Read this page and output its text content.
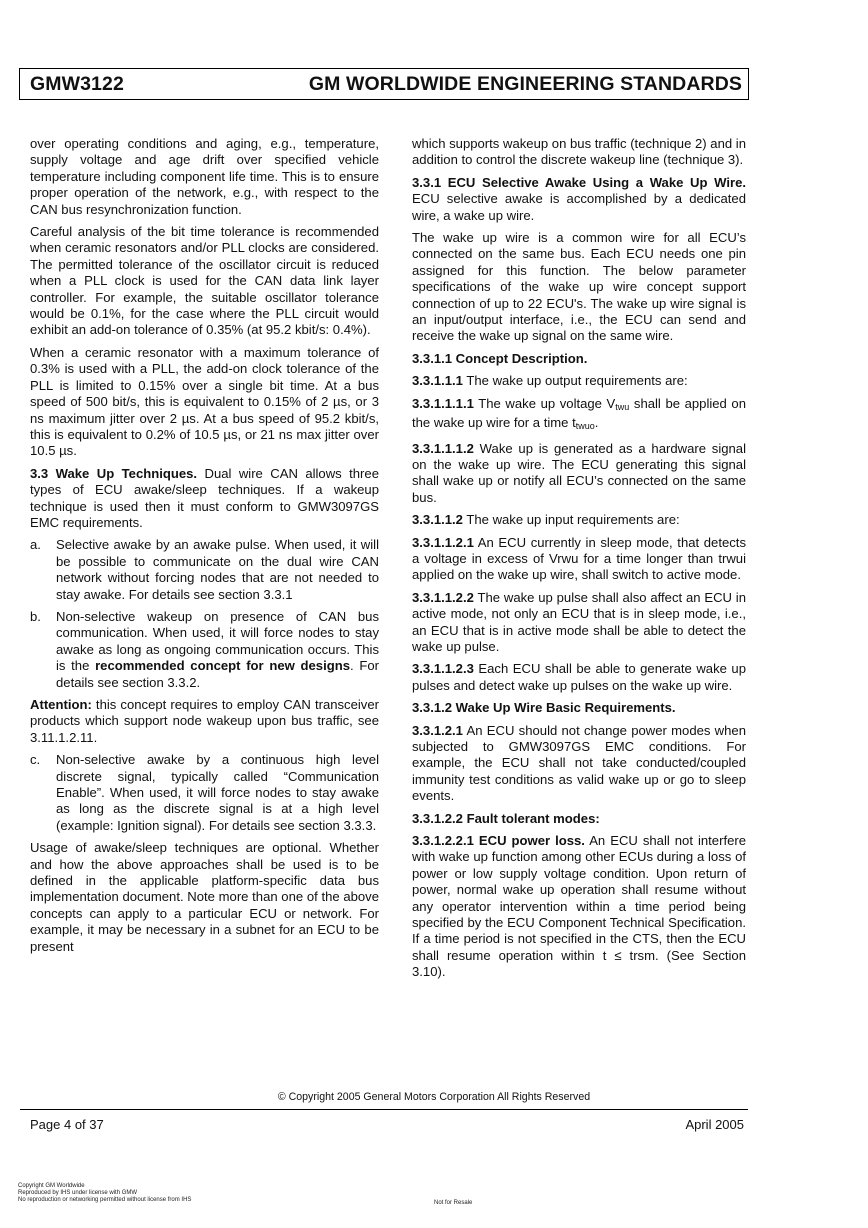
GMW3122	GM WORLDWIDE ENGINEERING STANDARDS

over operating conditions and aging, e.g., temperature, supply voltage and age drift over specified vehicle temperature including component life time. This is to ensure proper operation of the network, e.g., with respect to the CAN bus resynchronization function.

Careful analysis of the bit time tolerance is recommended when ceramic resonators and/or PLL clocks are considered. The permitted tolerance of the oscillator circuit is reduced when a PLL clock is used for the CAN data link layer controller. For example, the suitable oscillator tolerance would be 0.1%, for the case where the PLL circuit would exhibit an add-on tolerance of 0.35% (at 95.2 kbit/s: 0.4%).

When a ceramic resonator with a maximum tolerance of 0.3% is used with a PLL, the add-on clock tolerance of the PLL is limited to 0.15% over a single bit time. At a bus speed of 500 bit/s, this is equivalent to 0.15% of 2 µs, or 3 ns maximum jitter over 2 µs. At a bus speed of 95.2 kbit/s, this is equivalent to 0.2% of 10.5 µs, or 21 ns max jitter over 10.5 µs.

3.3 Wake Up Techniques. Dual wire CAN allows three types of ECU awake/sleep techniques. If a wakeup technique is used then it must conform to GMW3097GS EMC requirements.

a.	Selective awake by an awake pulse. When used, it will be possible to communicate on the dual wire CAN network without forcing nodes that are not needed to stay awake. For details see section 3.3.1
b.	Non-selective wakeup on presence of CAN bus communication. When used, it will force nodes to stay awake as long as ongoing communication occurs. This is the recommended concept for new designs. For details see section 3.3.2.

Attention: this concept requires to employ CAN transceiver products which support node wakeup upon bus traffic, see 3.11.1.2.11.

c.	Non-selective awake by a continuous high level discrete signal, typically called “Communication Enable”. When used, it will force nodes to stay awake as long as the discrete signal is at a high level (example: Ignition signal). For details see section 3.3.3.

Usage of awake/sleep techniques are optional. Whether and how the above approaches shall be used is to be defined in the applicable platform-specific data bus implementation document. Note more than one of the above concepts can apply to a particular ECU or network. For example, it may be necessary in a subnet for an ECU to be present

which supports wakeup on bus traffic (technique 2) and in addition to control the discrete wakeup line (technique 3).

3.3.1 ECU Selective Awake Using a Wake Up Wire. ECU selective awake is accomplished by a dedicated wire, a wake up wire.

The wake up wire is a common wire for all ECU’s connected on the same bus. Each ECU needs one pin assigned for this function. The below parameter specifications of the wake up wire concept support connection of up to 22 ECU's. The wake up wire signal is an input/output interface, i.e., the ECU can send and receive the wake up signal on the same wire.

3.3.1.1 Concept Description.

3.3.1.1.1 The wake up output requirements are:

3.3.1.1.1.1 The wake up voltage $V_{twu}$ shall be applied on the wake up wire for a time $t_{twuo}$.

3.3.1.1.1.2 Wake up is generated as a hardware signal on the wake up wire. The ECU generating this signal shall wake up or notify all ECU’s connected on the same bus.

3.3.1.1.2 The wake up input requirements are:

3.3.1.1.2.1 An ECU currently in sleep mode, that detects a voltage in excess of Vrwu for a time longer than trwui applied on the wake up wire, shall switch to active mode.

3.3.1.1.2.2 The wake up pulse shall also affect an ECU in active mode, not only an ECU that is in sleep mode, i.e., an ECU that is in active mode shall be able to detect the wake up pulse.

3.3.1.1.2.3 Each ECU shall be able to generate wake up pulses and detect wake up pulses on the wake up wire.

3.3.1.2 Wake Up Wire Basic Requirements.

3.3.1.2.1 An ECU should not change power modes when subjected to GMW3097GS EMC conditions. For example, the ECU shall not take conducted/coupled immunity test conditions as valid wake up or go to sleep events.

3.3.1.2.2 Fault tolerant modes:

3.3.1.2.2.1 ECU power loss. An ECU shall not interfere with wake up function among other ECUs during a loss of power or low supply voltage condition. Upon return of power, normal wake up operation shall resume without any operator intervention within a time period being specified by the ECU Component Technical Specification. If a time period is not specified in the CTS, then the ECU shall resume operation within t ≤ trsm. (See Section 3.10).

© Copyright 2005 General Motors Corporation All Rights Reserved
Page 4 of 37	April 2005
Copyright GM Worldwide
Reproduced by IHS under license with GMW
No reproduction or networking permitted without license from IHS	Not for Resale
